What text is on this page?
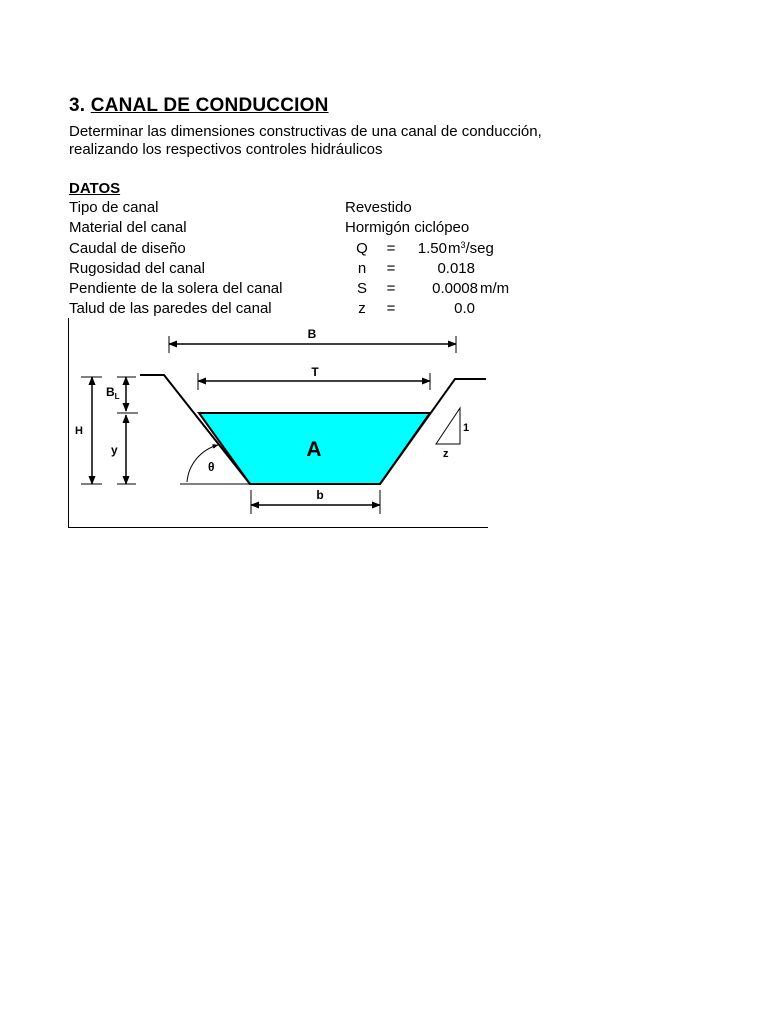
3. CANAL DE CONDUCCION
Determinar las dimensiones constructivas de una canal de conducción,
realizando los respectivos controles hidráulicos
DATOS
Tipo de canal	Revestido
Material del canal	Hormigón ciclópeo
Caudal de diseño	Q	=	1.50 $m^3$/seg
Rugosidad del canal	n	=	0.018
Pendiente de la solera del canal	S	=	0.0008 m/m
Talud de las paredes del canal	z	=	0.0
B
T
H
$B_L$
y
θ
A
b
1
z
